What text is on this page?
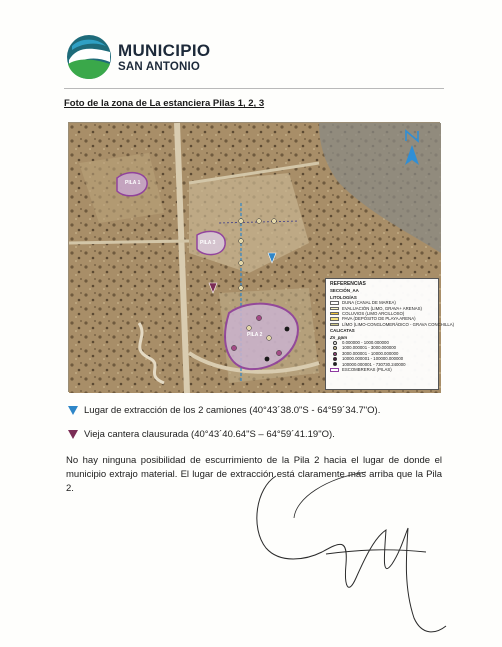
MUNICIPIO
SAN ANTONIO
Foto de la zona de La estanciera Pilas 1, 2, 3
PILA 1
PILA 3
PILA 2
REFERENCIAS
SECCIÓN_AA
LITOLOGÍAS
DUNA (CANAL DE MAREA)
EVALUACIÓN (LIMO, GRAVA+ ARENAS)
COLUVIOS (LIMO ARCILLOSO)
PAVA (DEPÓSITO DE PLAYA ARENA)
LÍMO (LIMO-CONGLOMERÁDICO - GRAVA CONCHILLA)
CALICATAS
Zn_ppm
0.000000 - 1000.000000
1000.000001 - 3000.000000
3000.000001 - 10000.000000
10000.000001 - 100000.000000
100000.000001 - 730730.240000
ESCOMBRERAS (PILAS)
Lugar de extracción de los 2 camiones (40°43´38.0"S - 64°59´34.7"O).
Vieja cantera clausurada (40°43´40.64"S – 64°59´41.19"O).
No hay ninguna posibilidad de escurrimiento de la Pila 2 hacia el lugar de donde el municipio extrajo material. El lugar de extracción está claramente más arriba que la Pila 2.
